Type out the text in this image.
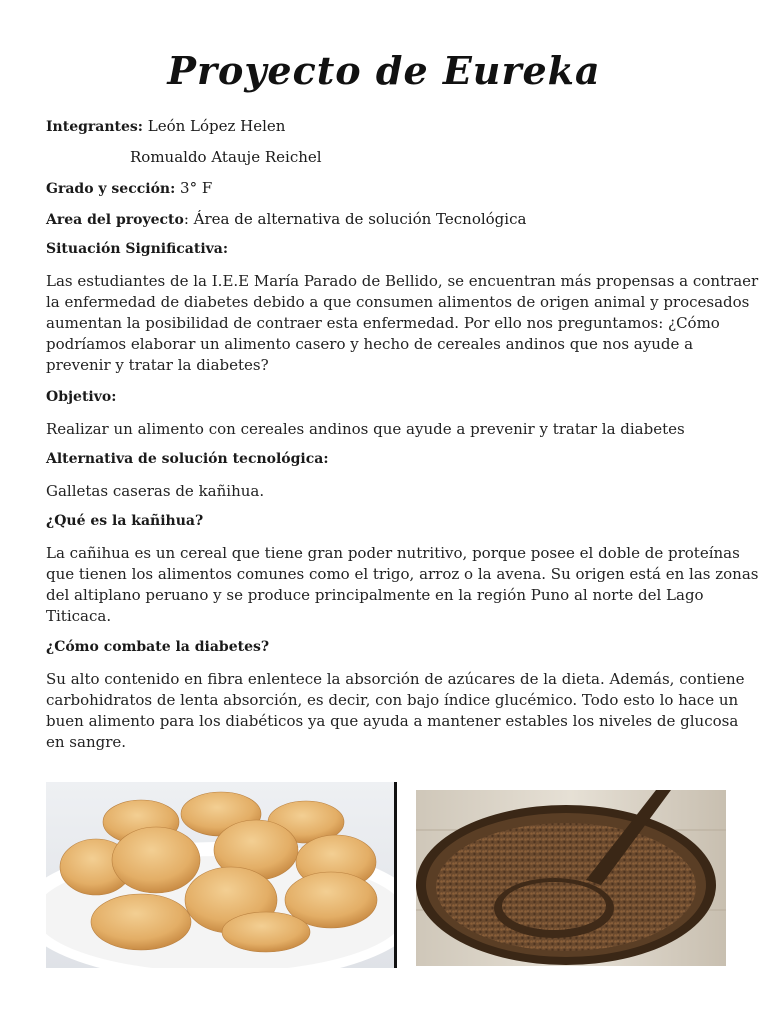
Proyecto de Eureka
Integrantes: León López Helen
Romualdo Atauje Reichel
Grado y sección: 3° F
Area del proyecto: Área de alternativa de solución Tecnológica
Situación Significativa:
Las estudiantes de la I.E.E María Parado de Bellido, se encuentran más propensas a contraer
la enfermedad de diabetes debido a que consumen alimentos de origen animal y procesados
aumentan la posibilidad de contraer esta enfermedad. Por ello nos preguntamos: ¿Cómo
podríamos elaborar un alimento casero y hecho de cereales andinos que nos ayude a
prevenir y tratar la diabetes?
Objetivo:
Realizar un alimento con cereales andinos que ayude a prevenir y tratar la diabetes
Alternativa de solución tecnológica:
Galletas caseras de kañihua.
¿Qué es la kañihua?
La cañihua es un cereal que tiene gran poder nutritivo, porque posee el doble de proteínas
que tienen los alimentos comunes como el trigo, arroz o la avena. Su origen está en las zonas
del altiplano peruano y se produce principalmente en la región Puno al norte del Lago
Titicaca.
¿Cómo combate la diabetes?
Su alto contenido en fibra enlentece la absorción de azúcares de la dieta. Además, contiene
carbohidratos de lenta absorción, es decir, con bajo índice glucémico. Todo esto lo hace un
buen alimento para los diabéticos ya que ayuda a mantener estables los niveles de glucosa
en sangre.
